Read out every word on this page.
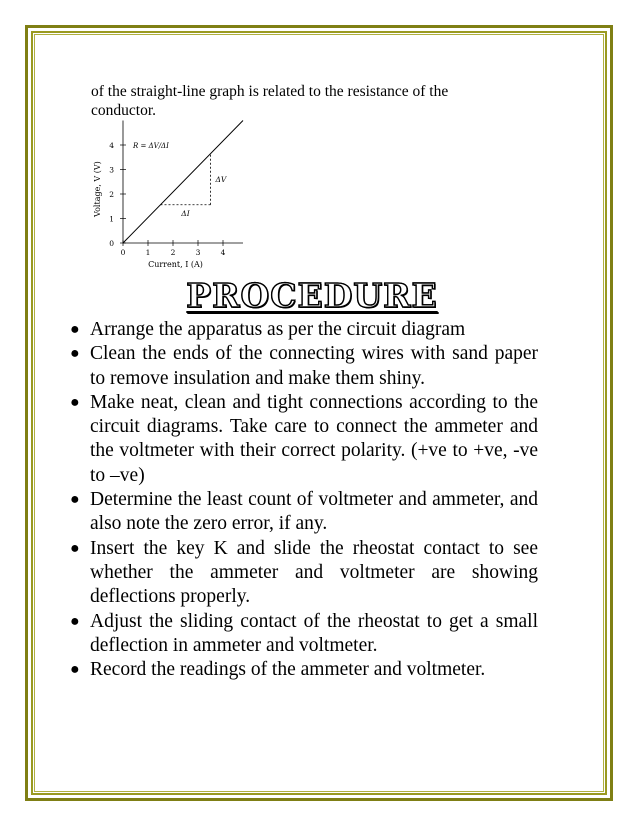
of the straight-line graph is related to the resistance of the conductor.
0	1	2	3	4
0
1
2
3
4
Current, I (A)
Voltage, V (V)	ΔV
ΔI
R = ΔV/ΔI
PROCEDURE
● Arrange the apparatus as per the circuit diagram
● Clean the ends of the connecting wires with sand paper to remove insulation and make them shiny.
● Make neat, clean and tight connections according to the circuit diagrams. Take care to connect the ammeter and the voltmeter with their correct polarity. (+ve to +ve, -ve to –ve)
● Determine the least count of voltmeter and ammeter, and also note the zero error, if any.
● Insert the key K and slide the rheostat contact to see whether the ammeter and voltmeter are showing deflections properly.
● Adjust the sliding contact of the rheostat to get a small deflection in ammeter and voltmeter.
● Record the readings of the ammeter and voltmeter.
